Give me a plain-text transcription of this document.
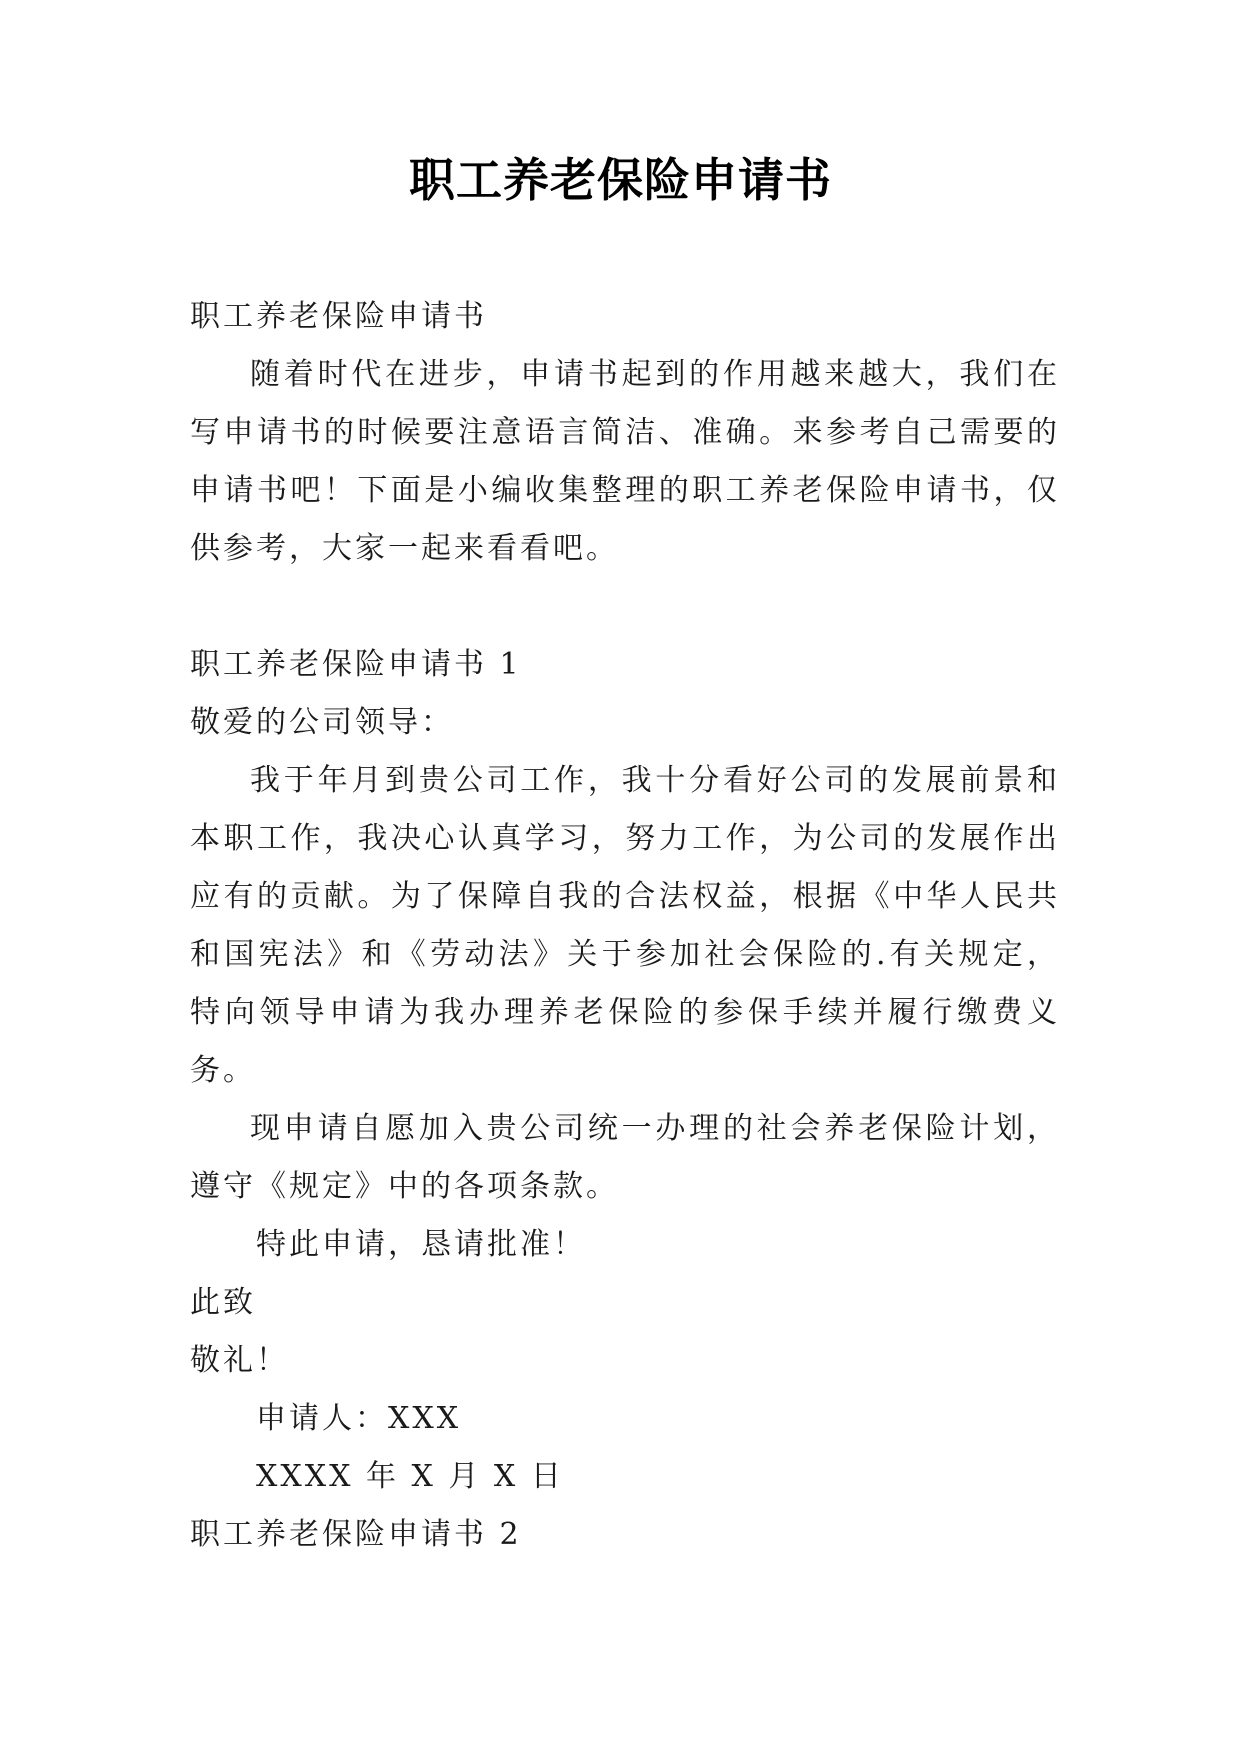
职工养老保险申请书

职工养老保险申请书

随着时代在进步，申请书起到的作用越来越大，我们在写申请书的时候要注意语言简洁、准确。来参考自己需要的申请书吧！下面是小编收集整理的职工养老保险申请书，仅供参考，大家一起来看看吧。

职工养老保险申请书 1

敬爱的公司领导：

我于年月到贵公司工作，我十分看好公司的发展前景和本职工作，我决心认真学习，努力工作，为公司的发展作出应有的贡献。为了保障自我的合法权益，根据《中华人民共和国宪法》和《劳动法》关于参加社会保险的.有关规定，特向领导申请为我办理养老保险的参保手续并履行缴费义务。

现申请自愿加入贵公司统一办理的社会养老保险计划，遵守《规定》中的各项条款。

特此申请，恳请批准！

此致

敬礼！

申请人：XXX

XXXX 年 X 月 X 日

职工养老保险申请书 2
